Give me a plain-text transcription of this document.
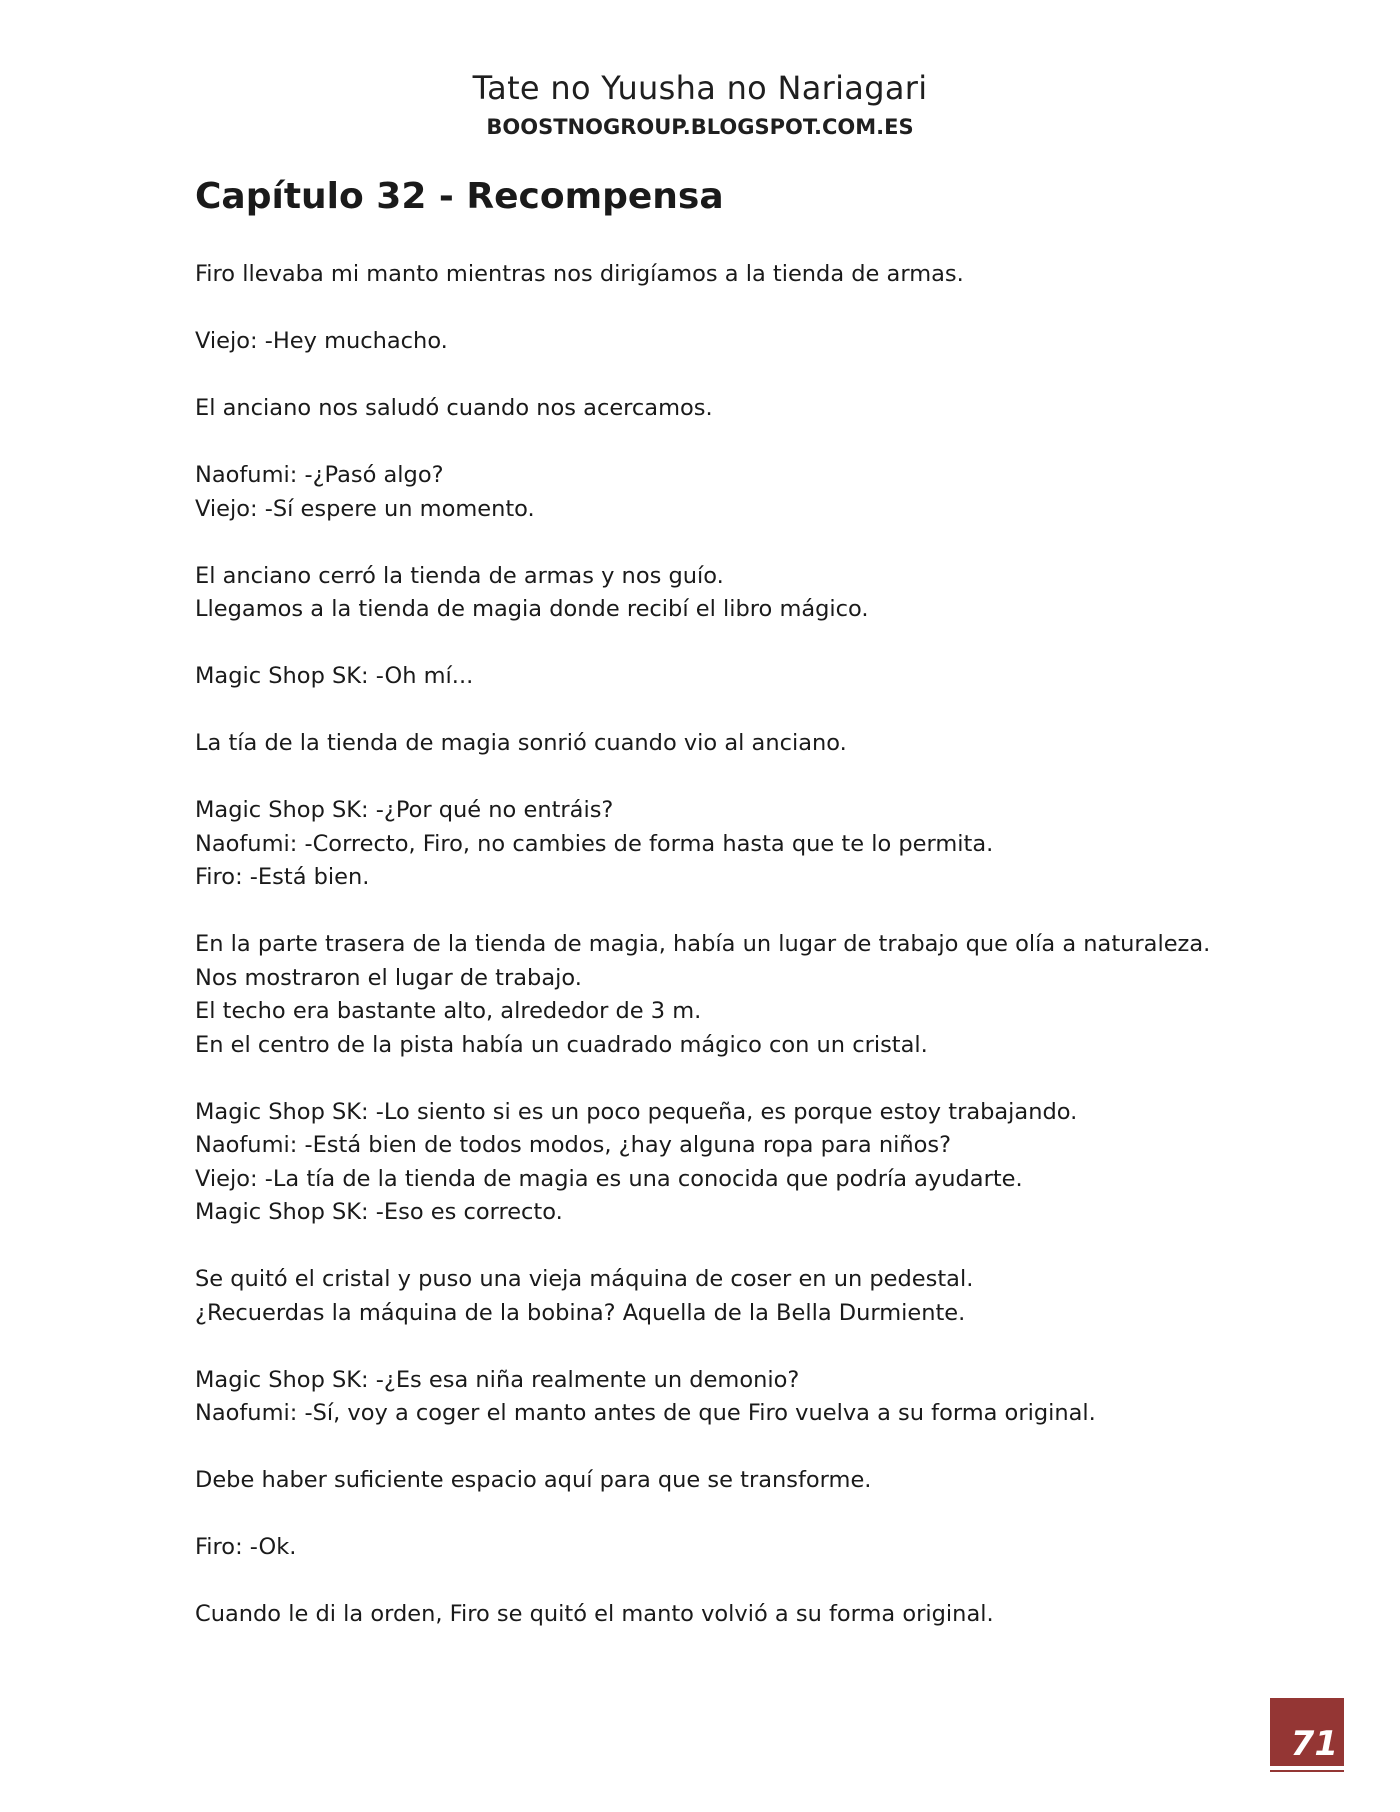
Tate no Yuusha no Nariagari
BOOSTNOGROUP.BLOGSPOT.COM.ES
Capítulo 32 - Recompensa

Firo llevaba mi manto mientras nos dirigíamos a la tienda de armas.

Viejo: -Hey muchacho.

El anciano nos saludó cuando nos acercamos.

Naofumi: -¿Pasó algo?
Viejo: -Sí espere un momento.

El anciano cerró la tienda de armas y nos guío.
Llegamos a la tienda de magia donde recibí el libro mágico.

Magic Shop SK: -Oh mí...

La tía de la tienda de magia sonrió cuando vio al anciano.

Magic Shop SK: -¿Por qué no entráis?
Naofumi: -Correcto, Firo, no cambies de forma hasta que te lo permita.
Firo: -Está bien.

En la parte trasera de la tienda de magia, había un lugar de trabajo que olía a naturaleza.
Nos mostraron el lugar de trabajo.
El techo era bastante alto, alrededor de 3 m.
En el centro de la pista había un cuadrado mágico con un cristal.

Magic Shop SK: -Lo siento si es un poco pequeña, es porque estoy trabajando.
Naofumi: -Está bien de todos modos, ¿hay alguna ropa para niños?
Viejo: -La tía de la tienda de magia es una conocida que podría ayudarte.
Magic Shop SK: -Eso es correcto.

Se quitó el cristal y puso una vieja máquina de coser en un pedestal.
¿Recuerdas la máquina de la bobina? Aquella de la Bella Durmiente.

Magic Shop SK: -¿Es esa niña realmente un demonio?
Naofumi: -Sí, voy a coger el manto antes de que Firo vuelva a su forma original.

Debe haber suficiente espacio aquí para que se transforme.

Firo: -Ok.

Cuando le di la orden, Firo se quitó el manto volvió a su forma original.

71
